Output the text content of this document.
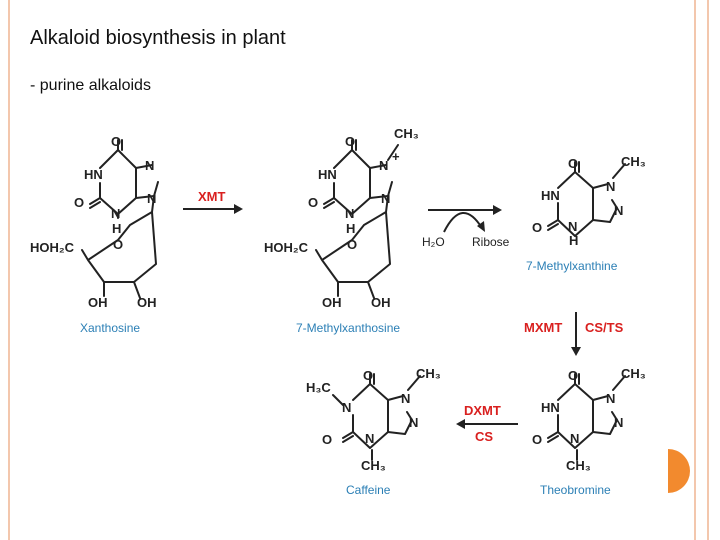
Alkaloid biosynthesis in plant
- purine alkaloids
O
HN
N
N
O
N
H
O
HOH₂C
OH OH
Xanthosine
XMT
O
CH₃
HN
N
+
N
O
N
H
O
HOH₂C
OH OH
7-Methylxanthosine
H₂O Ribose
O	CH₃
HN
N
N
O N
H
7-Methylxanthine
MXMT CS/TS
O	CH₃
HN
N
N
O N
CH₃
Theobromine
DXMT
CS
O	CH₃
H₃C
N
N
N
O	N
CH₃
Caffeine
